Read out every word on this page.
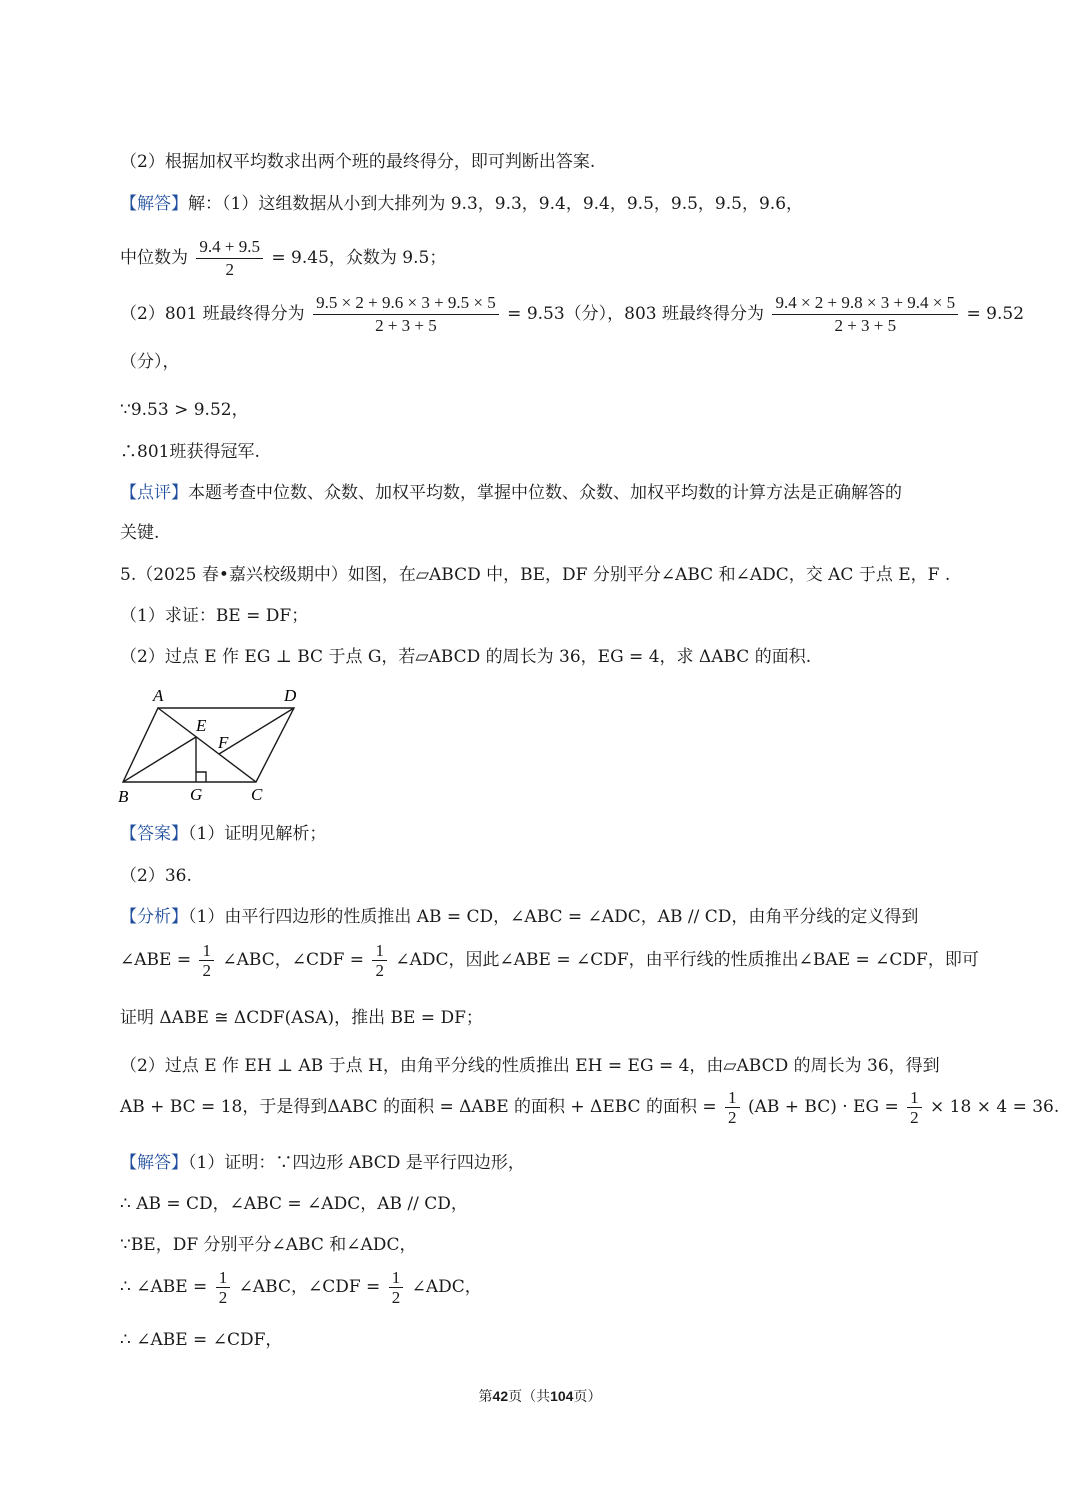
（2）根据加权平均数求出两个班的最终得分，即可判断出答案.
【解答】解：（1）这组数据从小到大排列为 9.3，9.3，9.4，9.4，9.5，9.5，9.5，9.6，
中位数为 $\frac{9.4 + 9.5}{2} = 9.45$，众数为 9.5；
（2）801 班最终得分为 $\frac{9.5 \times 2 + 9.6 \times 3 + 9.5 \times 5}{2 + 3 + 5} = 9.53$（分），803 班最终得分为 $\frac{9.4 \times 2 + 9.8 \times 3 + 9.4 \times 5}{2 + 3 + 5} = 9.52$
（分），
∵9.53 > 9.52，
∴801班获得冠军.
【点评】本题考查中位数、众数、加权平均数，掌握中位数、众数、加权平均数的计算方法是正确解答的
关键.
5.（2025 春•嘉兴校级期中）如图，在▱ABCD 中，BE，DF 分别平分∠ABC 和∠ADC，交 AC 于点 E，F .
（1）求证：BE = DF；
（2）过点 E 作 EG ⊥ BC 于点 G，若▱ABCD 的周长为 36，EG = 4，求 ΔABC 的面积.
A	D
E
F
B	G	C
【答案】（1）证明见解析；
（2）36.
【分析】（1）由平行四边形的性质推出 AB = CD，∠ABC = ∠ADC，AB // CD，由角平分线的定义得到
∠ABE = $\frac{1}{2}$ ∠ABC，∠CDF = $\frac{1}{2}$ ∠ADC，因此∠ABE = ∠CDF，由平行线的性质推出∠BAE = ∠CDF，即可
证明 ΔABE ≅ ΔCDF(ASA)，推出 BE = DF；
（2）过点 E 作 EH ⊥ AB 于点 H，由角平分线的性质推出 EH = EG = 4，由▱ABCD 的周长为 36，得到
AB + BC = 18，于是得到ΔABC 的面积 = ΔABE 的面积 + ΔEBC 的面积 = $\frac{1}{2} (AB + BC)$ · EG = $\frac{1}{2} \times 18 \times 4 = 36$.
【解答】（1）证明：∵四边形 ABCD 是平行四边形，
∴ AB = CD，∠ABC = ∠ADC，AB // CD，
∵BE，DF 分别平分∠ABC 和∠ADC，
∴ ∠ABE = $\frac{1}{2}$ ∠ABC，∠CDF = $\frac{1}{2}$ ∠ADC，
∴ ∠ABE = ∠CDF，
第42页（共104页）
